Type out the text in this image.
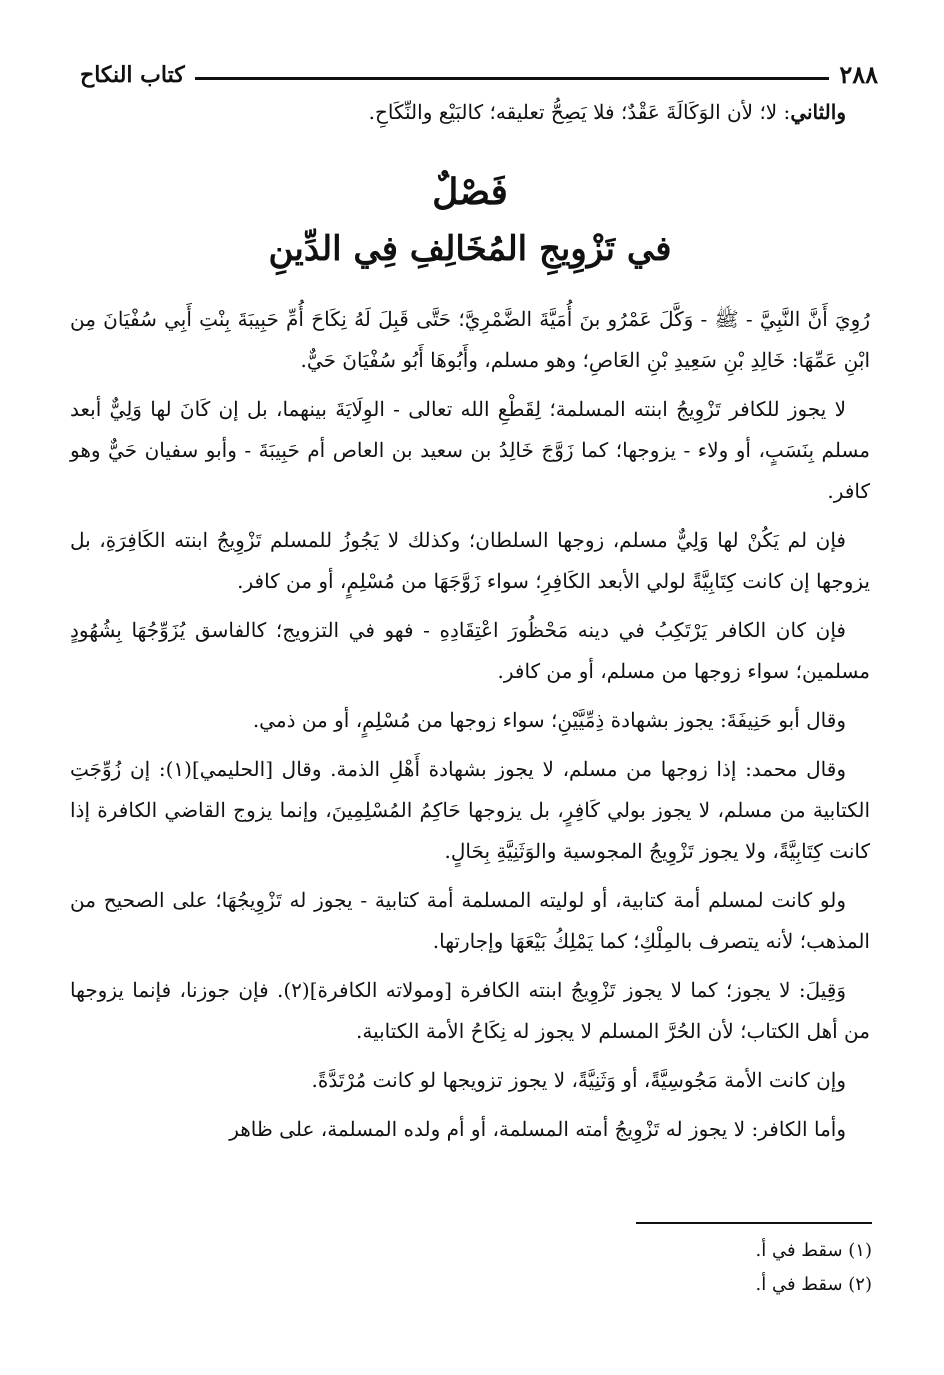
٢٨٨
كتاب النكاح

والثاني: لا؛ لأن الوَكَالَةَ عَقْدٌ؛ فلا يَصِحُّ تعليقه؛ كالبَيْع والنِّكَاحِ.

فَصْلٌ
في تَزْوِيجِ المُخَالِفِ فِي الدِّينِ

رُوِيَ أَنَّ النَّبِيَّ - ﷺ - وَكَّلَ عَمْرُو بنَ أُمَيَّةَ الضَّمْرِيَّ؛ حَتَّى قَبِلَ لَهُ نِكَاحَ أُمِّ حَبِيبَةَ بِنْتِ أَبِي سُفْيَانَ مِن ابْنِ عَمِّهَا: خَالِدِ بْنِ سَعِيدِ بْنِ العَاصِ؛ وهو مسلم، وأَبُوهَا أَبُو سُفْيَانَ حَيٌّ.

لا يجوز للكافر تَزْوِيجُ ابنته المسلمة؛ لِقَطْعِ الله تعالى - الوِلَايَةَ بينهما، بل إن كَانَ لها وَلِيٌّ أبعد مسلم بِنَسَبٍ، أو ولاء - يزوجها؛ كما زَوَّجَ خَالِدُ بن سعيد بن العاص أم حَبِيبَةَ - وأبو سفيان حَيٌّ وهو كافر.

فإن لم يَكُنْ لها وَلِيٌّ مسلم، زوجها السلطان؛ وكذلك لا يَجُوزُ للمسلم تَزْوِيجُ ابنته الكَافِرَةِ، بل يزوجها إن كانت كِتَابِيَّةً لولي الأبعد الكَافِرِ؛ سواء زَوَّجَهَا من مُسْلِمٍ، أو من كافر.

فإن كان الكافر يَرْتَكِبُ في دينه مَحْظُورَ اعْتِقَادِهِ - فهو في التزويج؛ كالفاسق يُزَوِّجُهَا بِشُهُودٍ مسلمين؛ سواء زوجها من مسلم، أو من كافر.

وقال أبو حَنِيفَةَ: يجوز بشهادة ذِمِّيَّيْنِ؛ سواء زوجها من مُسْلِمٍ، أو من ذمي.

وقال محمد: إذا زوجها من مسلم، لا يجوز بشهادة أَهْلِ الذمة. وقال [الحليمي](١): إن زُوِّجَتِ الكتابية من مسلم، لا يجوز بولي كَافِرٍ، بل يزوجها حَاكِمُ المُسْلِمِينَ، وإنما يزوج القاضي الكافرة إذا كانت كِتَابِيَّةً، ولا يجوز تَزْوِيجُ المجوسية والوَثَنِيَّةِ بِحَالٍ.

ولو كانت لمسلم أمة كتابية، أو لوليته المسلمة أمة كتابية - يجوز له تَزْوِيجُهَا؛ على الصحيح من المذهب؛ لأنه يتصرف بالمِلْكِ؛ كما يَمْلِكُ بَيْعَهَا وإجارتها.

وَقِيلَ: لا يجوز؛ كما لا يجوز تَزْوِيجُ ابنته الكافرة [ومولاته الكافرة](٢). فإن جوزنا، فإنما يزوجها من أهل الكتاب؛ لأن الحُرَّ المسلم لا يجوز له نِكَاحُ الأمة الكتابية.

وإن كانت الأمة مَجُوسِيَّةً، أو وَثَنِيَّةً، لا يجوز تزويجها لو كانت مُرْتَدَّةً.

وأما الكافر: لا يجوز له تَزْوِيجُ أمته المسلمة، أو أم ولده المسلمة، على ظاهر

(١) سقط في أ.
(٢) سقط في أ.
